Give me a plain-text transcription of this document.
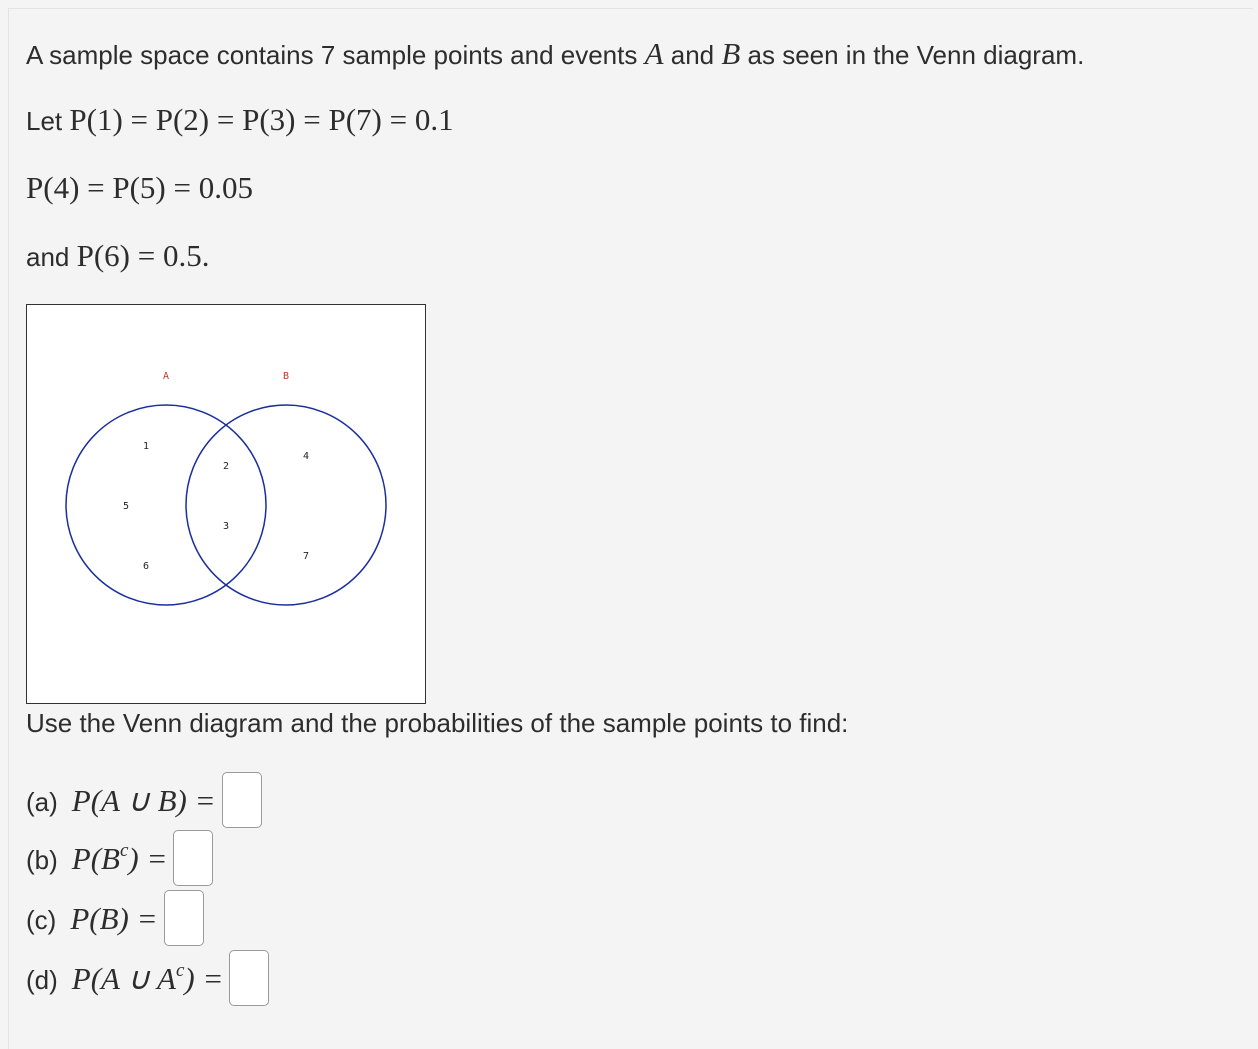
A sample space contains 7 sample points and events A and B as seen in the Venn diagram.
Let P(1) = P(2) = P(3) = P(7) = 0.1
P(4) = P(5) = 0.05
and P(6) = 0.5.
A	B
1
2
3
4
5
6
7
Use the Venn diagram and the probabilities of the sample points to find:
(a) P(A ∪ B) =
(b) $P(B^c)$ =
(c) P(B) =
(d) P(A ∪ $A^c$) =
